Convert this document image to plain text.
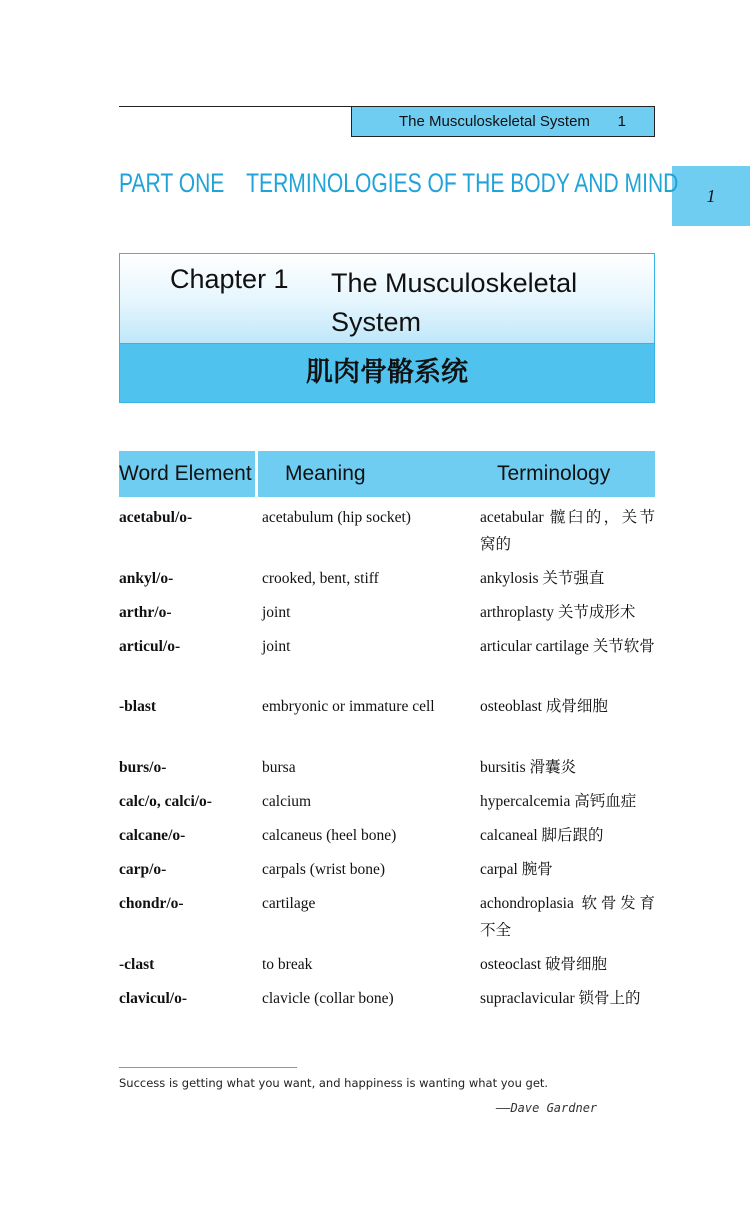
The Musculoskeletal System 1
1
PART ONE TERMINOLOGIES OF THE BODY AND MIND
Chapter 1 The Musculoskeletal System
肌肉骨骼系统
Word Element Meaning	Terminology
acetabul/o-	acetabulum (hip socket)	acetabular 髋臼的，关节窝的
ankyl/o-	crooked, bent, stiff	ankylosis 关节强直
arthr/o-	joint	arthroplasty 关节成形术
articul/o-	joint	articular cartilage 关节软骨
-blast	embryonic or immature cell	osteoblast 成骨细胞
burs/o-	bursa	bursitis 滑囊炎
calc/o, calci/o-	calcium	hypercalcemia 高钙血症
calcane/o-	calcaneus (heel bone)	calcaneal 脚后跟的
carp/o-	carpals (wrist bone)	carpal 腕骨
chondr/o-	cartilage	achondroplasia 软骨发育不全
-clast	to break	osteoclast 破骨细胞
clavicul/o-	clavicle (collar bone)	supraclavicular 锁骨上的
Success is getting what you want, and happiness is wanting what you get.
——Dave Gardner
